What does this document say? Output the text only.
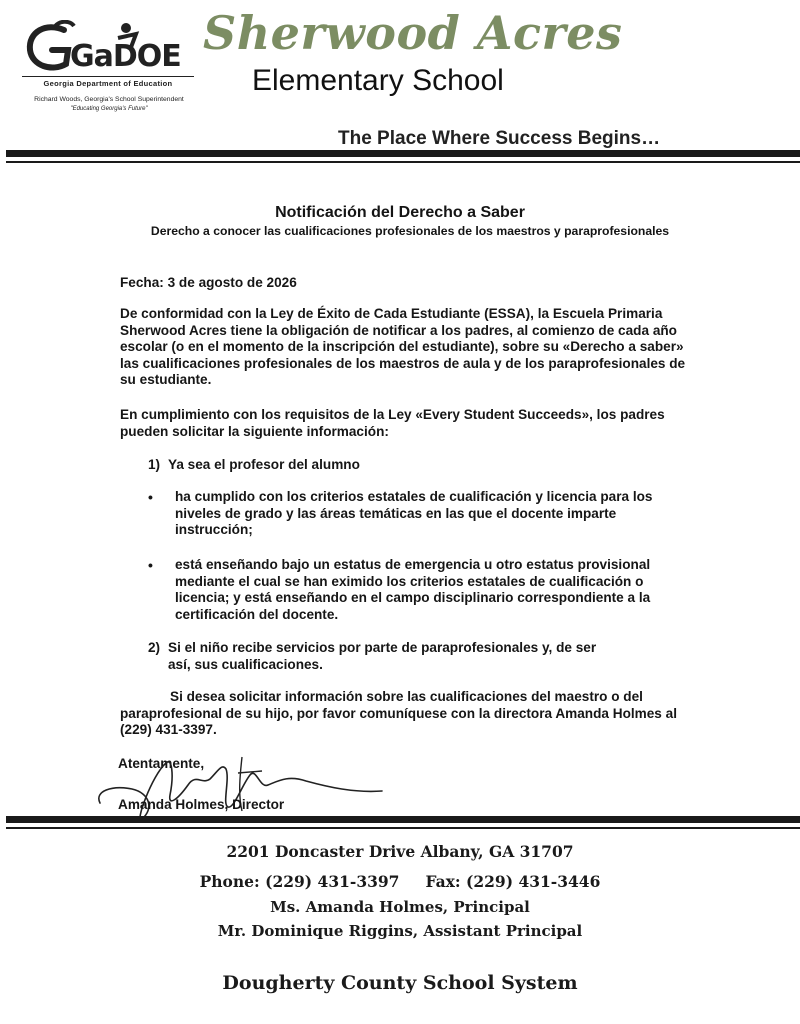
GaDOE
Georgia Department of Education
Richard Woods, Georgia's School Superintendent
"Educating Georgia's Future"
Sherwood Acres
Elementary School
The Place Where Success Begins…
Notificación del Derecho a Saber
Derecho a conocer las cualificaciones profesionales de los maestros y paraprofesionales
Fecha: 3 de agosto de 2026
De conformidad con la Ley de Éxito de Cada Estudiante (ESSA), la Escuela Primaria Sherwood Acres tiene la obligación de notificar a los padres, al comienzo de cada año escolar (o en el momento de la inscripción del estudiante), sobre su «Derecho a saber» las cualificaciones profesionales de los maestros de aula y de los paraprofesionales de su estudiante.
En cumplimiento con los requisitos de la Ley «Every Student Succeeds», los padres pueden solicitar la siguiente información:
1) Ya sea el profesor del alumno
• ha cumplido con los criterios estatales de cualificación y licencia para los niveles de grado y las áreas temáticas en las que el docente imparte instrucción;
• está enseñando bajo un estatus de emergencia u otro estatus provisional mediante el cual se han eximido los criterios estatales de cualificación o licencia; y está enseñando en el campo disciplinario correspondiente a la certificación del docente.
2) Si el niño recibe servicios por parte de paraprofesionales y, de ser
así, sus cualificaciones.
Si desea solicitar información sobre las cualificaciones del maestro o del paraprofesional de su hijo, por favor comuníquese con la directora Amanda Holmes al (229) 431-3397.
Atentamente,
Amanda Holmes, Director
2201 Doncaster Drive Albany, GA 31707
Phone: (229) 431-3397 Fax: (229) 431-3446
Ms. Amanda Holmes, Principal
Mr. Dominique Riggins, Assistant Principal
Dougherty County School System
